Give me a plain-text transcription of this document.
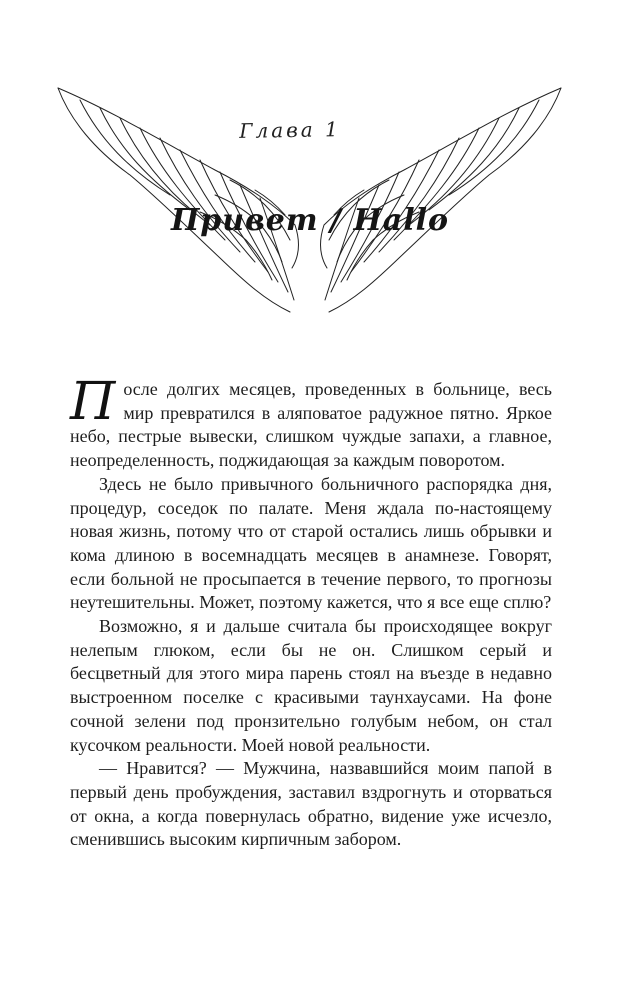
Глава 1
Привет / Hallo

После долгих месяцев, проведенных в больнице, весь мир превратился в аляповатое радужное пятно. Яркое небо, пестрые вывески, слишком чуждые запахи, а главное, неопределенность, поджидающая за каждым поворотом.

Здесь не было привычного больничного распорядка дня, процедур, соседок по палате. Меня ждала по-настоящему новая жизнь, потому что от старой остались лишь обрывки и кома длиною в восемнадцать месяцев в анамнезе. Говорят, если больной не просыпается в течение первого, то прогнозы неутешительны. Может, поэтому кажется, что я все еще сплю?

Возможно, я и дальше считала бы происходящее вокруг нелепым глюком, если бы не он. Слишком серый и бесцветный для этого мира парень стоял на въезде в недавно выстроенном поселке с красивыми таунхаусами. На фоне сочной зелени под пронзительно голубым небом, он стал кусочком реальности. Моей новой реальности.

— Нравится? — Мужчина, назвавшийся моим папой в первый день пробуждения, заставил вздрогнуть и оторваться от окна, а когда повернулась обратно, видение уже исчезло, сменившись высоким кирпичным забором.
